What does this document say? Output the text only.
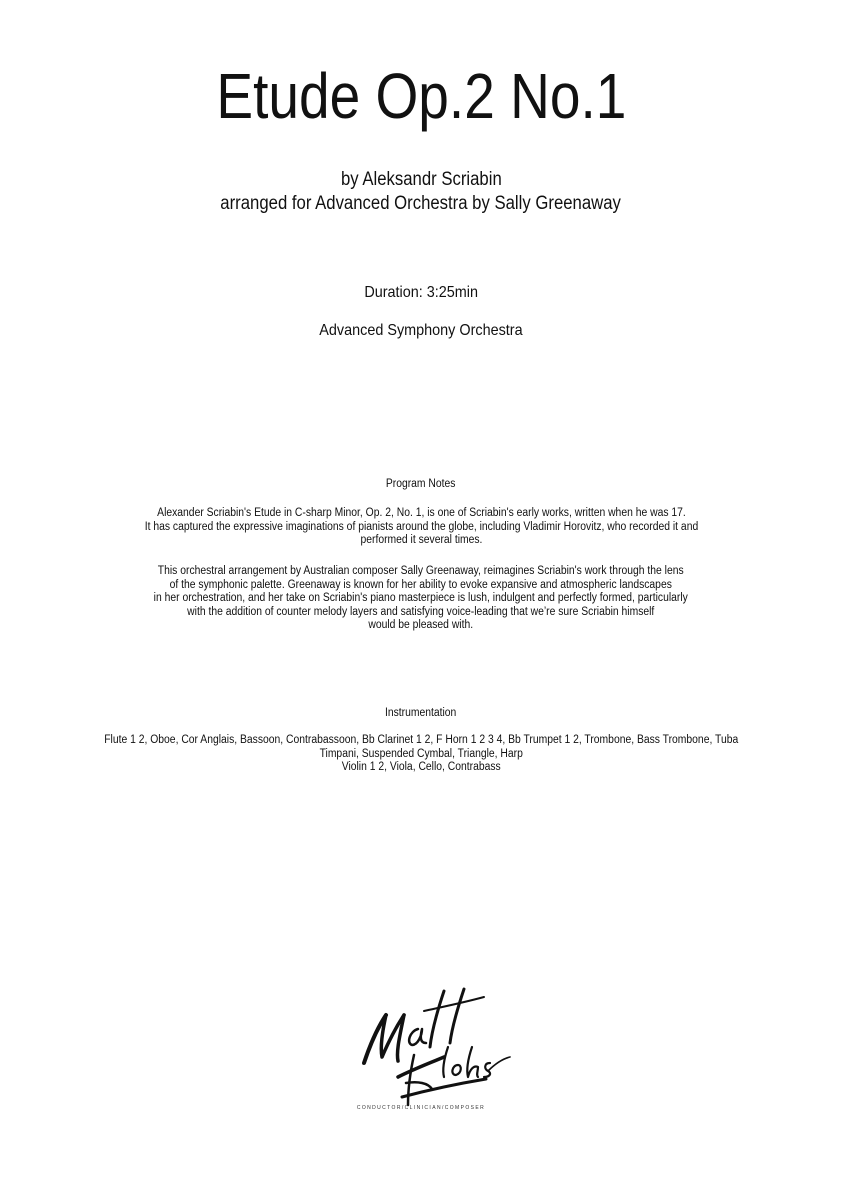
Etude Op.2 No.1
by Aleksandr Scriabin
arranged for Advanced Orchestra by Sally Greenaway
Duration: 3:25min
Advanced Symphony Orchestra
Program Notes
Alexander Scriabin's Etude in C-sharp Minor, Op. 2, No. 1, is one of Scriabin's early works, written when he was 17.
It has captured the expressive imaginations of pianists around the globe, including Vladimir Horovitz, who recorded it and
performed it several times.
This orchestral arrangement by Australian composer Sally Greenaway, reimagines Scriabin's work through the lens
of the symphonic palette. Greenaway is known for her ability to evoke expansive and atmospheric landscapes
in her orchestration, and her take on Scriabin's piano masterpiece is lush, indulgent and perfectly formed, particularly
with the addition of counter melody layers and satisfying voice-leading that we’re sure Scriabin himself
would be pleased with.
Instrumentation
Flute 1 2, Oboe, Cor Anglais, Bassoon, Contrabassoon, Bb Clarinet 1 2, F Horn 1 2 3 4, Bb Trumpet 1 2, Trombone, Bass Trombone, Tuba
Timpani, Suspended Cymbal, Triangle, Harp
Violin 1 2, Viola, Cello, Contrabass
CONDUCTOR/CLINICIAN/COMPOSER
